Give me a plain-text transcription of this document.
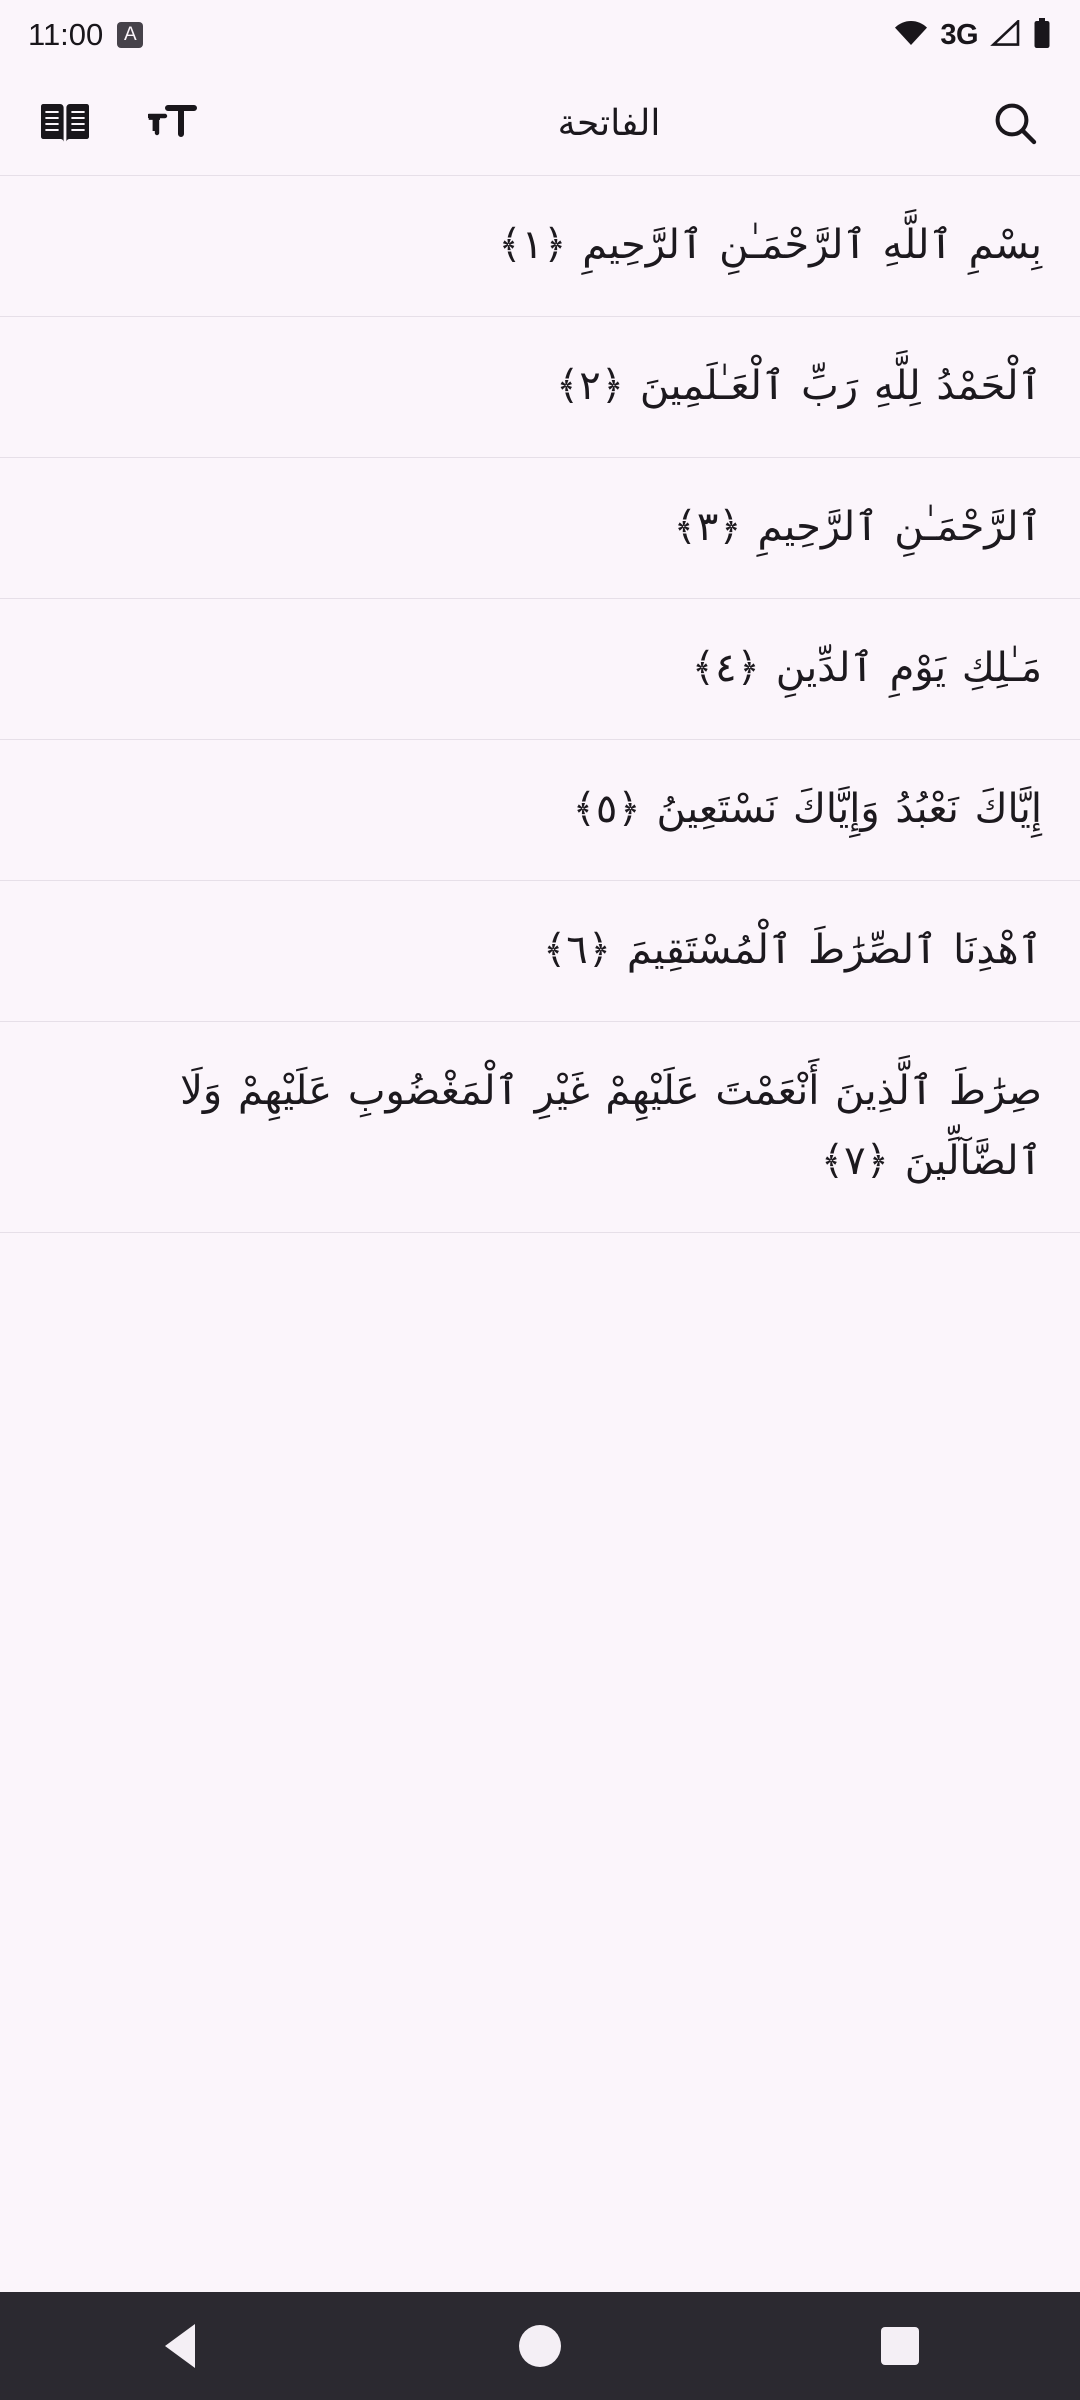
11:00	A	3G
т	الفاتحة
بِسْمِ ٱللَّهِ ٱلرَّحْمَـٰنِ ٱلرَّحِيمِ ﴿١﴾
ٱلْحَمْدُ لِلَّهِ رَبِّ ٱلْعَـٰلَمِينَ ﴿٢﴾
ٱلرَّحْمَـٰنِ ٱلرَّحِيمِ ﴿٣﴾
مَـٰلِكِ يَوْمِ ٱلدِّينِ ﴿٤﴾
إِيَّاكَ نَعْبُدُ وَإِيَّاكَ نَسْتَعِينُ ﴿٥﴾
ٱهْدِنَا ٱلصِّرَٰطَ ٱلْمُسْتَقِيمَ ﴿٦﴾
صِرَٰطَ ٱلَّذِينَ أَنْعَمْتَ عَلَيْهِمْ غَيْرِ ٱلْمَغْضُوبِ عَلَيْهِمْ وَلَا ٱلضَّآلِّينَ ﴿٧﴾
